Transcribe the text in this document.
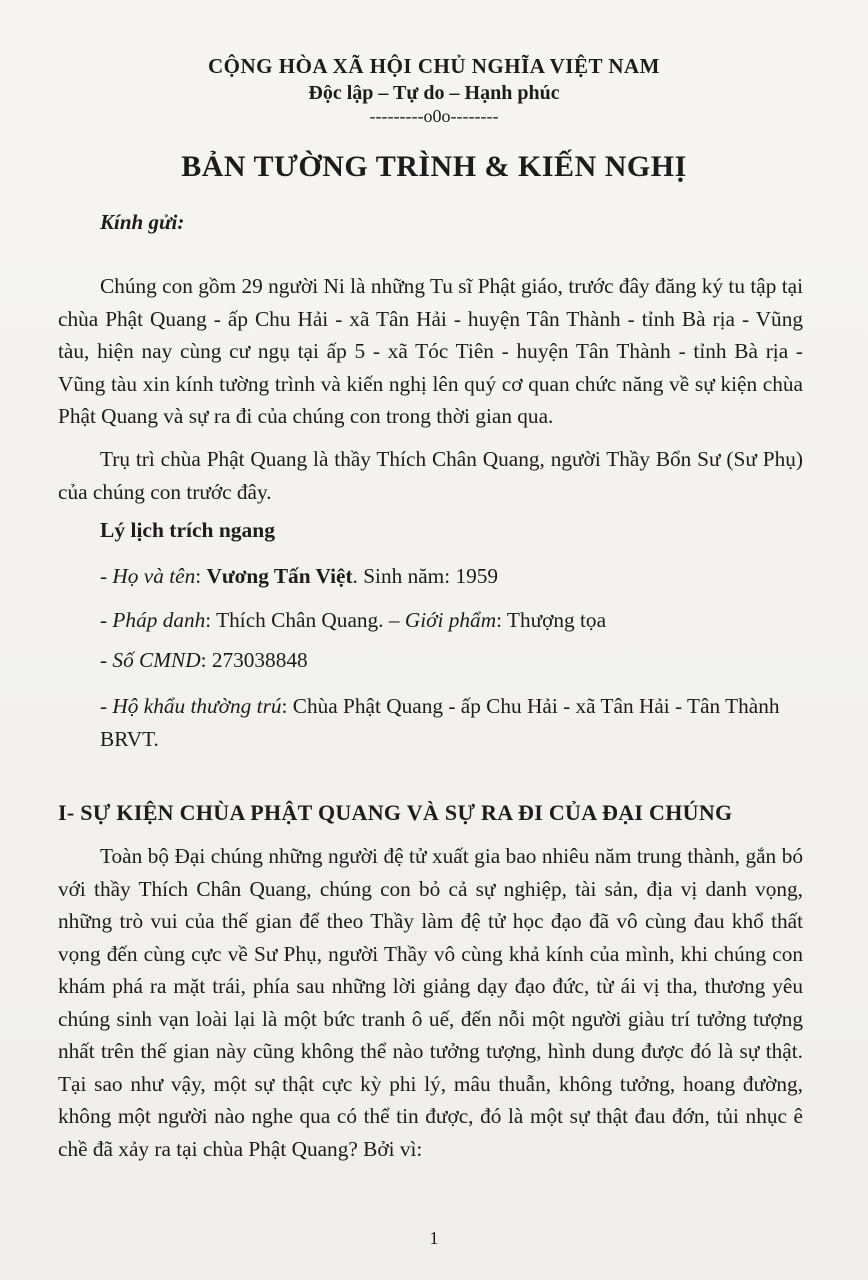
CỘNG HÒA XÃ HỘI CHỦ NGHĨA VIỆT NAM
Độc lập – Tự do – Hạnh phúc
---------o0o--------
BẢN TƯỜNG TRÌNH & KIẾN NGHỊ
Kính gửi:
Chúng con gồm 29 người Ni là những Tu sĩ Phật giáo, trước đây đăng ký tu tập tại chùa Phật Quang - ấp Chu Hải - xã Tân Hải - huyện Tân Thành - tỉnh Bà rịa - Vũng tàu, hiện nay cùng cư ngụ tại ấp 5 - xã Tóc Tiên - huyện Tân Thành - tỉnh Bà rịa - Vũng tàu xin kính tường trình và kiến nghị lên quý cơ quan chức năng về sự kiện chùa Phật Quang và sự ra đi của chúng con trong thời gian qua.
Trụ trì chùa Phật Quang là thầy Thích Chân Quang, người Thầy Bổn Sư (Sư Phụ) của chúng con trước đây.
Lý lịch trích ngang
- Họ và tên: Vương Tấn Việt. Sinh năm: 1959
- Pháp danh: Thích Chân Quang. – Giới phẩm: Thượng tọa
- Số CMND: 273038848
- Hộ khẩu thường trú: Chùa Phật Quang - ấp Chu Hải - xã Tân Hải - Tân Thành BRVT.
I- SỰ KIỆN CHÙA PHẬT QUANG VÀ SỰ RA ĐI CỦA ĐẠI CHÚNG
Toàn bộ Đại chúng những người đệ tử xuất gia bao nhiêu năm trung thành, gắn bó với thầy Thích Chân Quang, chúng con bỏ cả sự nghiệp, tài sản, địa vị danh vọng, những trò vui của thế gian để theo Thầy làm đệ tử học đạo đã vô cùng đau khổ thất vọng đến cùng cực về Sư Phụ, người Thầy vô cùng khả kính của mình, khi chúng con khám phá ra mặt trái, phía sau những lời giảng dạy đạo đức, từ ái vị tha, thương yêu chúng sinh vạn loài lại là một bức tranh ô uế, đến nỗi một người giàu trí tưởng tượng nhất trên thế gian này cũng không thể nào tưởng tượng, hình dung được đó là sự thật. Tại sao như vậy, một sự thật cực kỳ phi lý, mâu thuẫn, không tưởng, hoang đường, không một người nào nghe qua có thể tin được, đó là một sự thật đau đớn, tủi nhục ê chề đã xảy ra tại chùa Phật Quang? Bởi vì:
1
